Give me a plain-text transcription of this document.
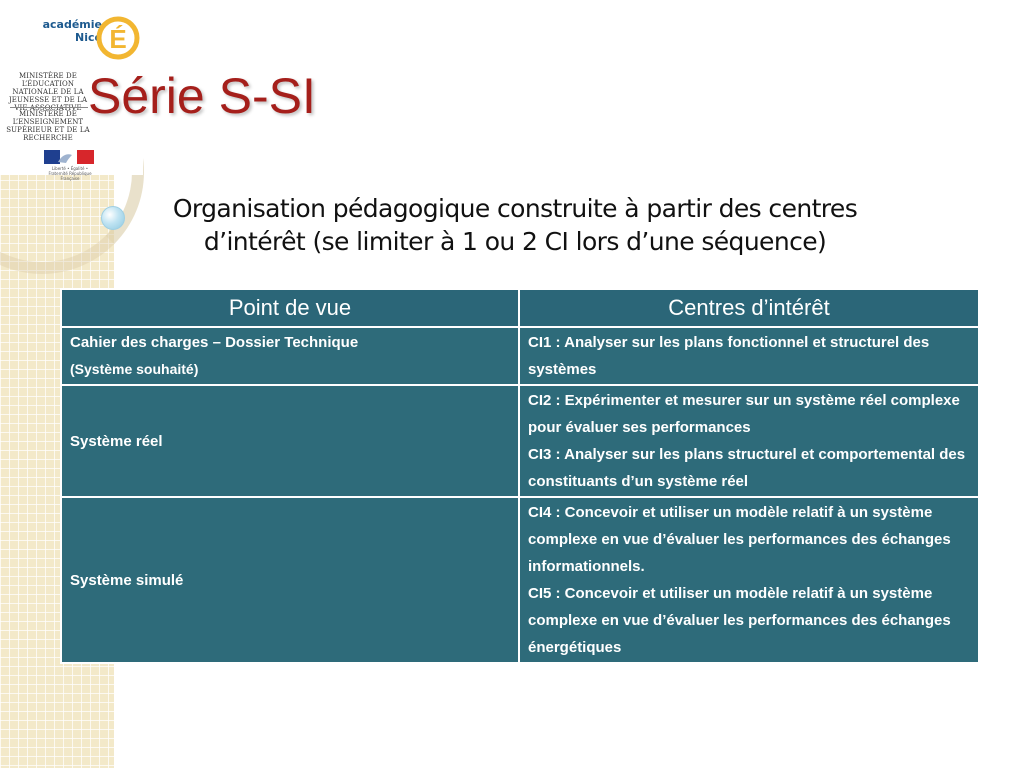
académie
Nice É
MINISTÈRE DE L’ÉDUCATION NATIONALE DE LA JEUNESSE ET DE LA VIE ASSOCIATIVE
MINISTÈRE DE L’ENSEIGNEMENT SUPÉRIEUR ET DE LA RECHERCHE
Liberté • Égalité • Fraternité République Française
Série S-SI
Organisation pédagogique construite à partir des centres d’intérêt (se limiter à 1 ou 2 CI lors d’une séquence)
Point de vue	Centres d’intérêt

Cahier des charges – Dossier Technique
(Système souhaité)	CI1 : Analyser sur les plans fonctionnel et structurel des systèmes

Système réel	CI2 : Expérimenter et mesurer sur un système réel complexe pour évaluer ses performances
CI3 : Analyser sur les plans structurel et comportemental des constituants d’un système réel

Système simulé	CI4 : Concevoir et utiliser un modèle relatif à un système complexe en vue d’évaluer les performances des échanges informationnels.
CI5 : Concevoir et utiliser un modèle relatif à un système complexe en vue d’évaluer les performances des échanges énergétiques
